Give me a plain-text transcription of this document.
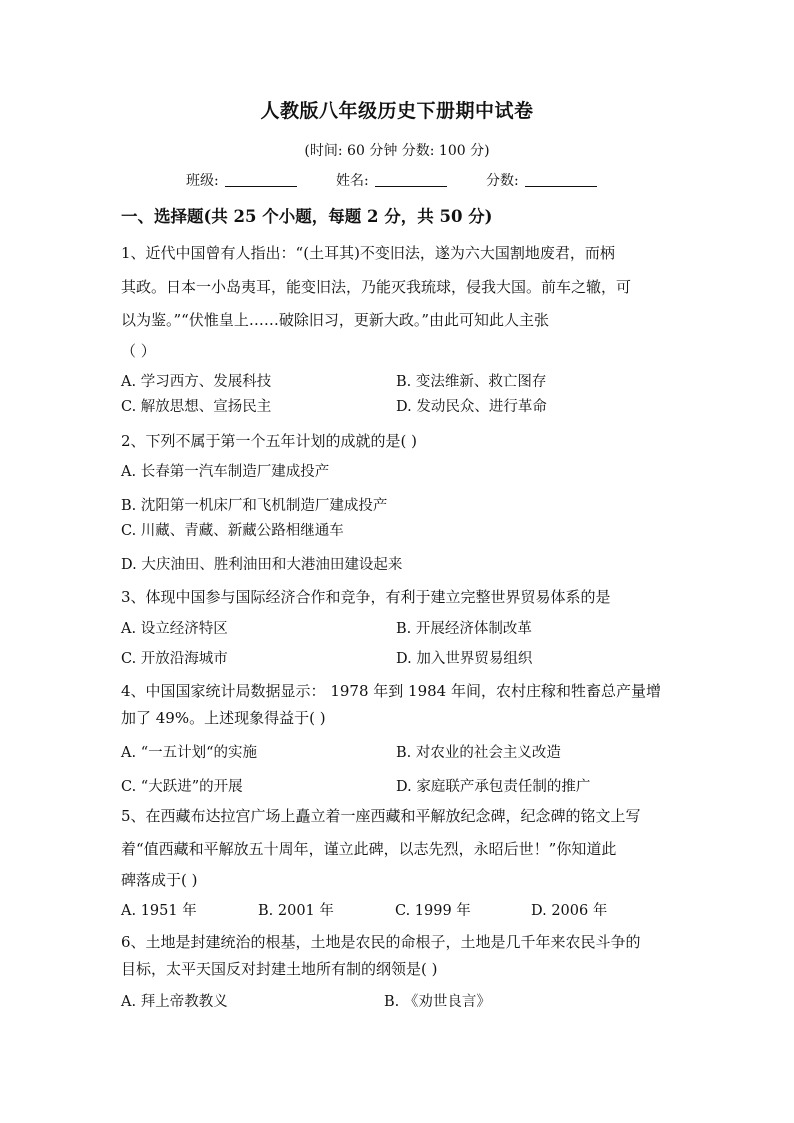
人教版八年级历史下册期中试卷
(时间: 60 分钟 分数: 100 分)
班级:	姓名:	分数:
一、选择题(共 25 个小题，每题 2 分，共 50 分)
1、近代中国曾有人指出：“(土耳其)不变旧法，遂为六大国割地废君，而柄
其政。日本一小岛夷耳，能变旧法，乃能灭我琉球，侵我大国。前车之辙，可
以为鉴。”“伏惟皇上……破除旧习，更新大政。”由此可知此人主张
（ ）
A. 学习西方、发展科技	B. 变法维新、救亡图存
C. 解放思想、宣扬民主	D. 发动民众、进行革命
2、下列不属于第一个五年计划的成就的是( )
A. 长春第一汽车制造厂建成投产
B. 沈阳第一机床厂和飞机制造厂建成投产
C. 川藏、青藏、新藏公路相继通车
D. 大庆油田、胜利油田和大港油田建设起来
3、体现中国参与国际经济合作和竞争，有利于建立完整世界贸易体系的是
A. 设立经济特区	B. 开展经济体制改革
C. 开放沿海城市	D. 加入世界贸易组织
4、中国国家统计局数据显示： 1978 年到 1984 年间，农村庄稼和牲畜总产量增
加了 49%。上述现象得益于( )
A. “一五计划“的实施	B. 对农业的社会主义改造
C. “大跃进”的开展	D. 家庭联产承包责任制的推广
5、在西藏布达拉宫广场上矗立着一座西藏和平解放纪念碑，纪念碑的铭文上写
着“值西藏和平解放五十周年，谨立此碑，以志先烈，永昭后世！”你知道此
碑落成于( )
A. 1951 年	B. 2001 年	C. 1999 年	D. 2006 年
6、土地是封建统治的根基，土地是农民的命根子，土地是几千年来农民斗争的
目标，太平天国反对封建土地所有制的纲领是( )
A. 拜上帝教教义	B. 《劝世良言》
